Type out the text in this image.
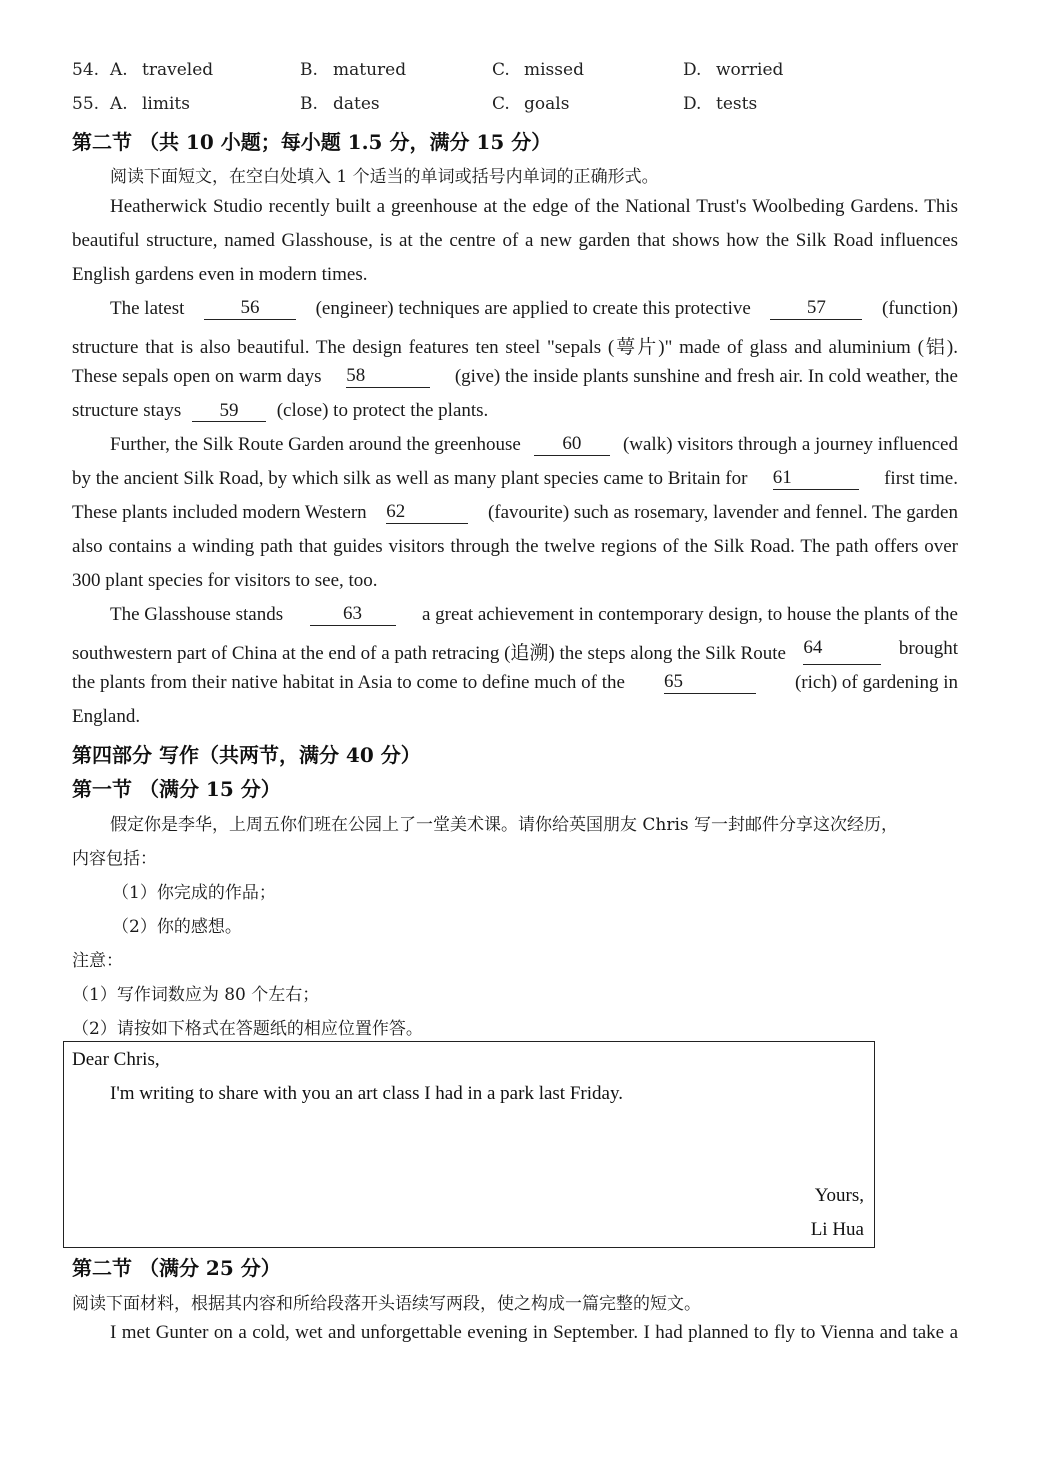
54. A. traveled	B. matured	C. missed	D. worried
55. A. limits	B. dates	C. goals	D. tests
第二节 （共 10 小题；每小题 1.5 分，满分 15 分）
阅读下面短文，在空白处填入 1 个适当的单词或括号内单词的正确形式。
Heatherwick Studio recently built a greenhouse at the edge of the National Trust's Woolbeding Gardens. This
beautiful structure, named Glasshouse, is at the centre of a new garden that shows how the Silk Road influences
English gardens even in modern times.
The latest	56	(engineer) techniques are applied to create this protective	57	(function)
structure that is also beautiful. The design features ten steel "sepals (萼片)" made of glass and aluminium (铝).
These sepals open on warm days 58	(give) the inside plants sunshine and fresh air. In cold weather, the
structure stays 59 (close) to protect the plants.
Further, the Silk Route Garden around the greenhouse	60	(walk) visitors through a journey influenced
by the ancient Silk Road, by which silk as well as many plant species came to Britain for 61	first time.
These plants included modern Western 62	(favourite) such as rosemary, lavender and fennel. The garden
also contains a winding path that guides visitors through the twelve regions of the Silk Road. The path offers over
300 plant species for visitors to see, too.
The Glasshouse stands	63	a great achievement in contemporary design, to house the plants of the
southwestern part of China at the end of a path retracing (追溯) the steps along the Silk Route 64	brought
the plants from their native habitat in Asia to come to define much of the 65	(rich) of gardening in
England.
第四部分 写作（共两节，满分 40 分）
第一节 （满分 15 分）
假定你是李华，上周五你们班在公园上了一堂美术课。请你给英国朋友 Chris 写一封邮件分享这次经历，
内容包括：
（1）你完成的作品；
（2）你的感想。
注意：
（1）写作词数应为 80 个左右；
（2）请按如下格式在答题纸的相应位置作答。
Dear Chris,
I'm writing to share with you an art class I had in a park last Friday.
Yours,
Li Hua
第二节 （满分 25 分）
阅读下面材料，根据其内容和所给段落开头语续写两段，使之构成一篇完整的短文。
I met Gunter on a cold, wet and unforgettable evening in September. I had planned to fly to Vienna and take a
